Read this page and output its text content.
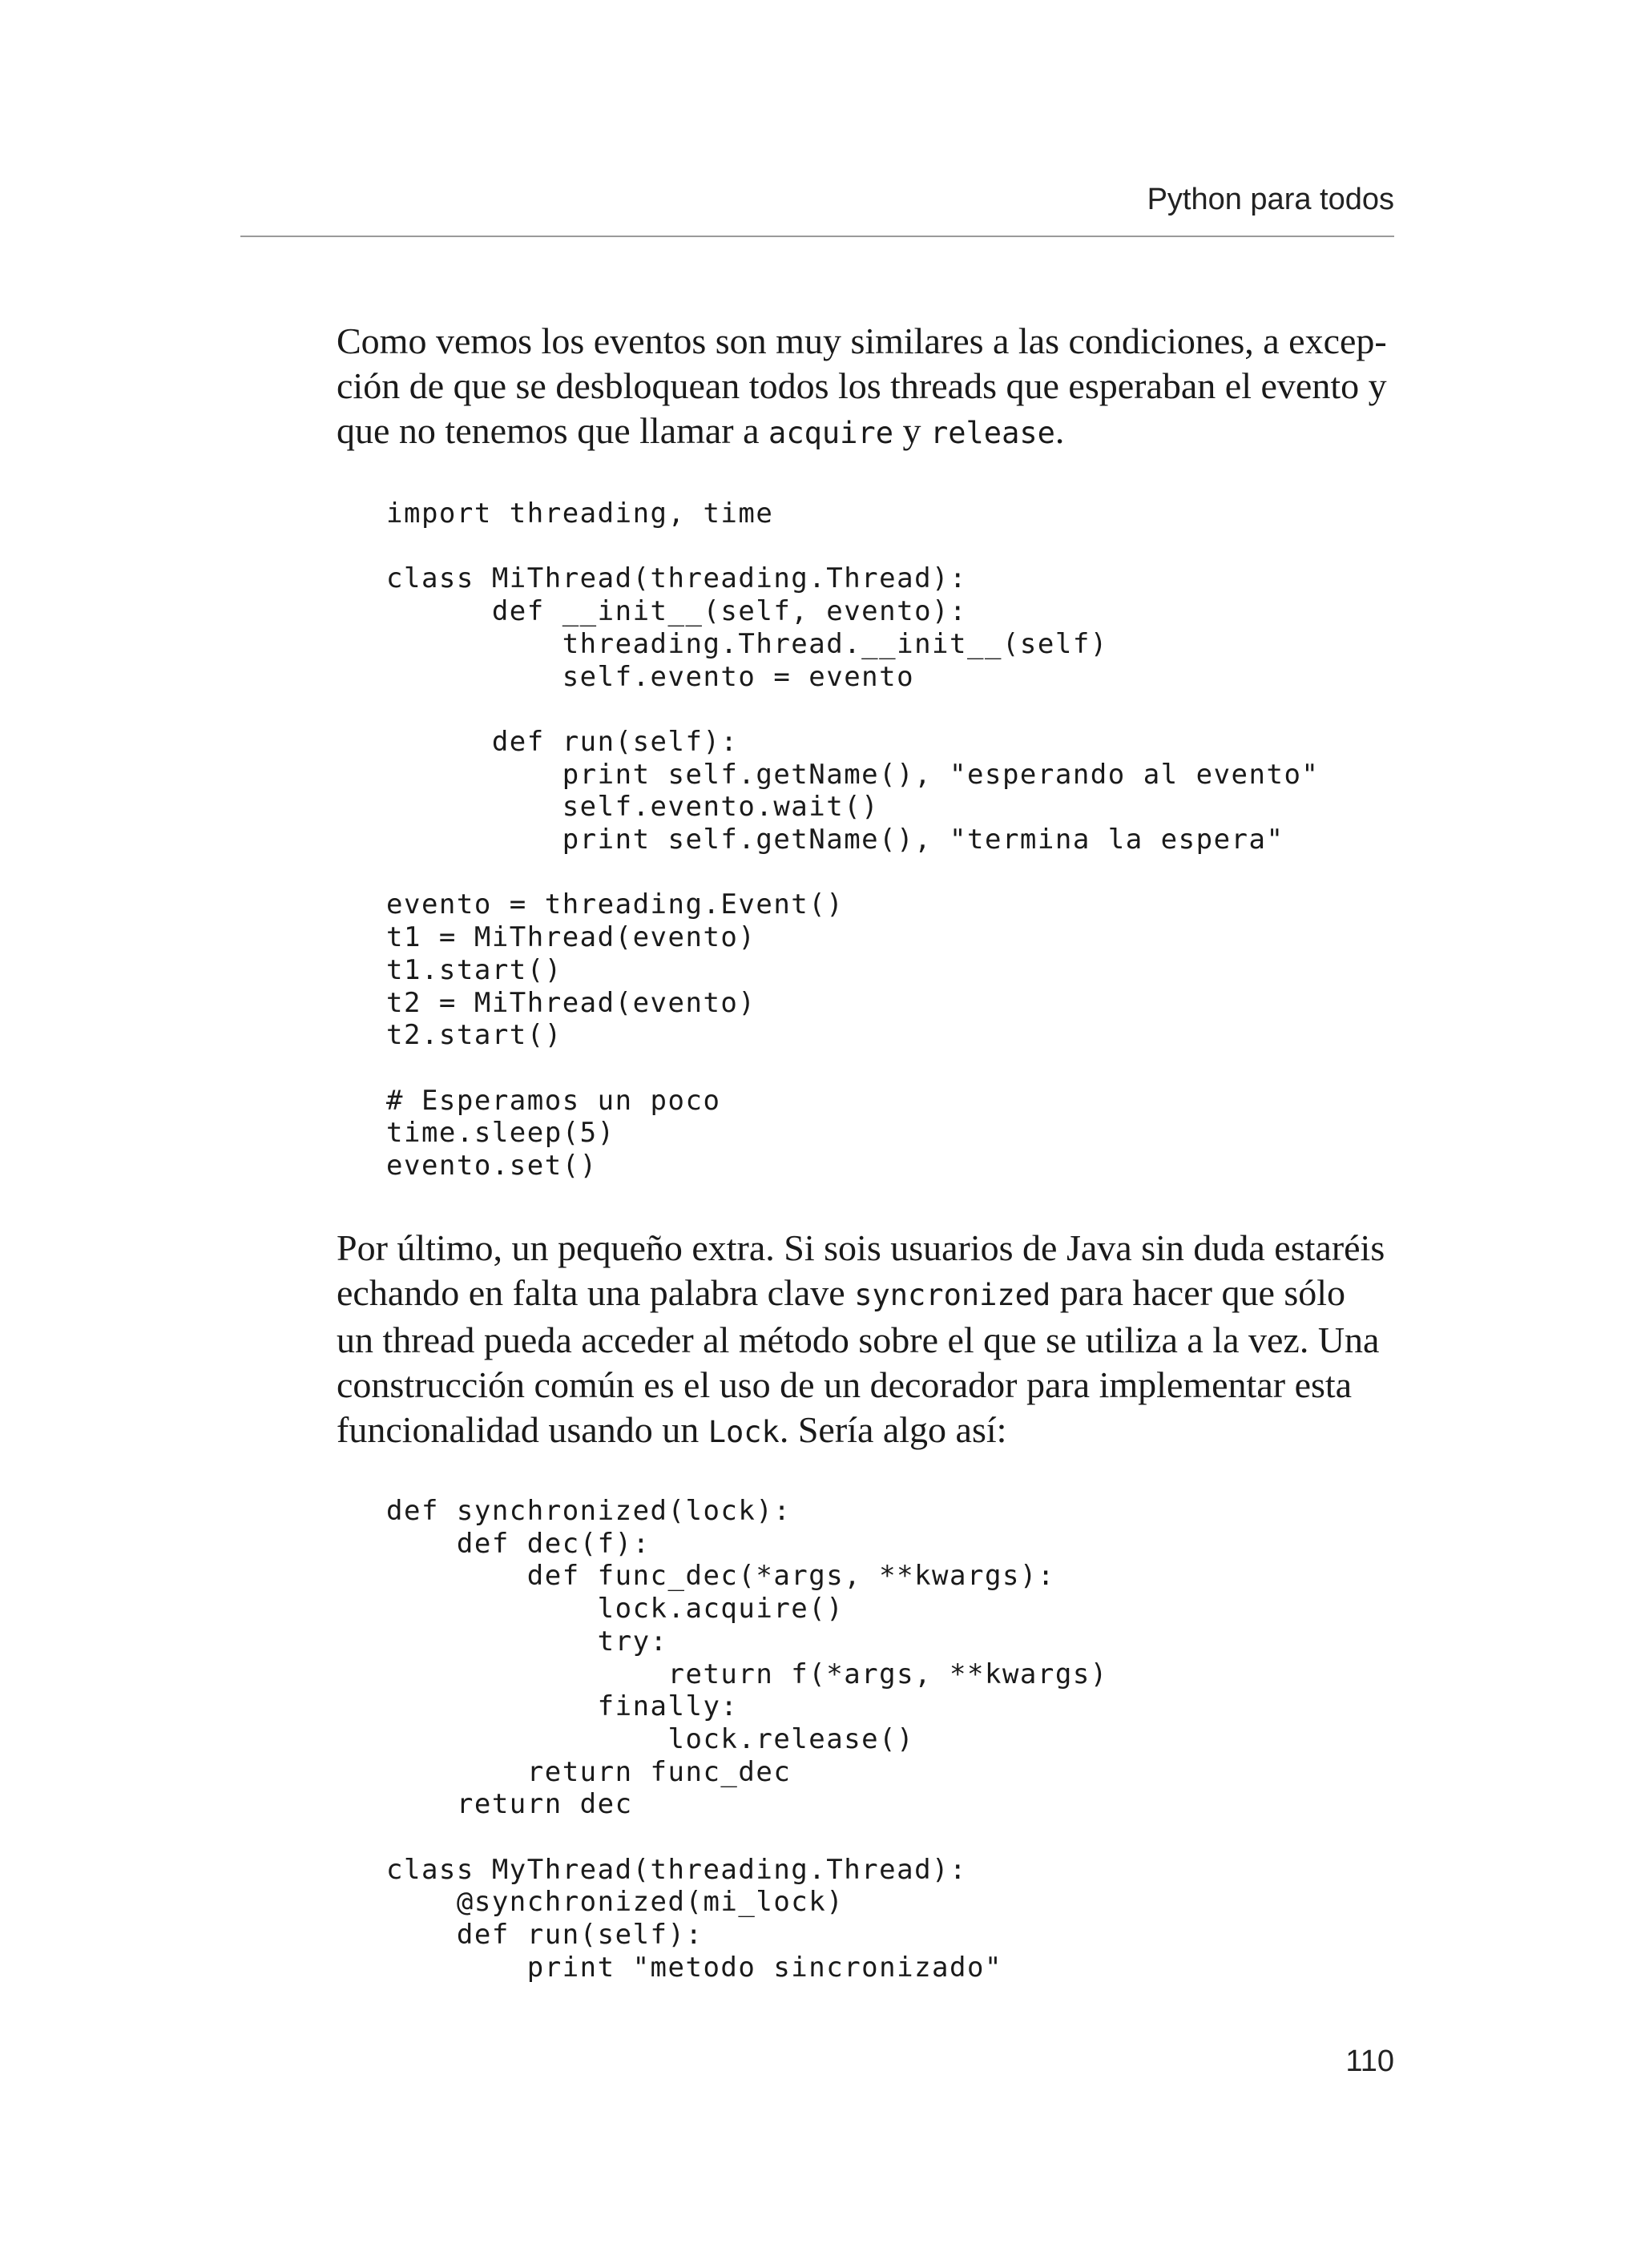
Python para todos

Como vemos los eventos son muy similares a las condiciones, a excep-
ción de que se desbloquean todos los threads que esperaban el evento y
que no tenemos que llamar a acquire y release.

import threading, time
class MiThread(threading.Thread):
def __init__(self, evento):
threading.Thread.__init__(self)
self.evento = evento
def run(self):
print self.getName(), "esperando al evento"
self.evento.wait()
print self.getName(), "termina la espera"
evento = threading.Event()
t1 = MiThread(evento)
t1.start()
t2 = MiThread(evento)
t2.start()
# Esperamos un poco
time.sleep(5)
evento.set()

Por último, un pequeño extra. Si sois usuarios de Java sin duda estaréis
echando en falta una palabra clave syncronized para hacer que sólo
un thread pueda acceder al método sobre el que se utiliza a la vez. Una
construcción común es el uso de un decorador para implementar esta
funcionalidad usando un Lock. Sería algo así:

def synchronized(lock):
def dec(f):
def func_dec(*args, **kwargs):
lock.acquire()
try:
return f(*args, **kwargs)
finally:
lock.release()
return func_dec
return dec
class MyThread(threading.Thread):
@synchronized(mi_lock)
def run(self):
print "metodo sincronizado"
110
